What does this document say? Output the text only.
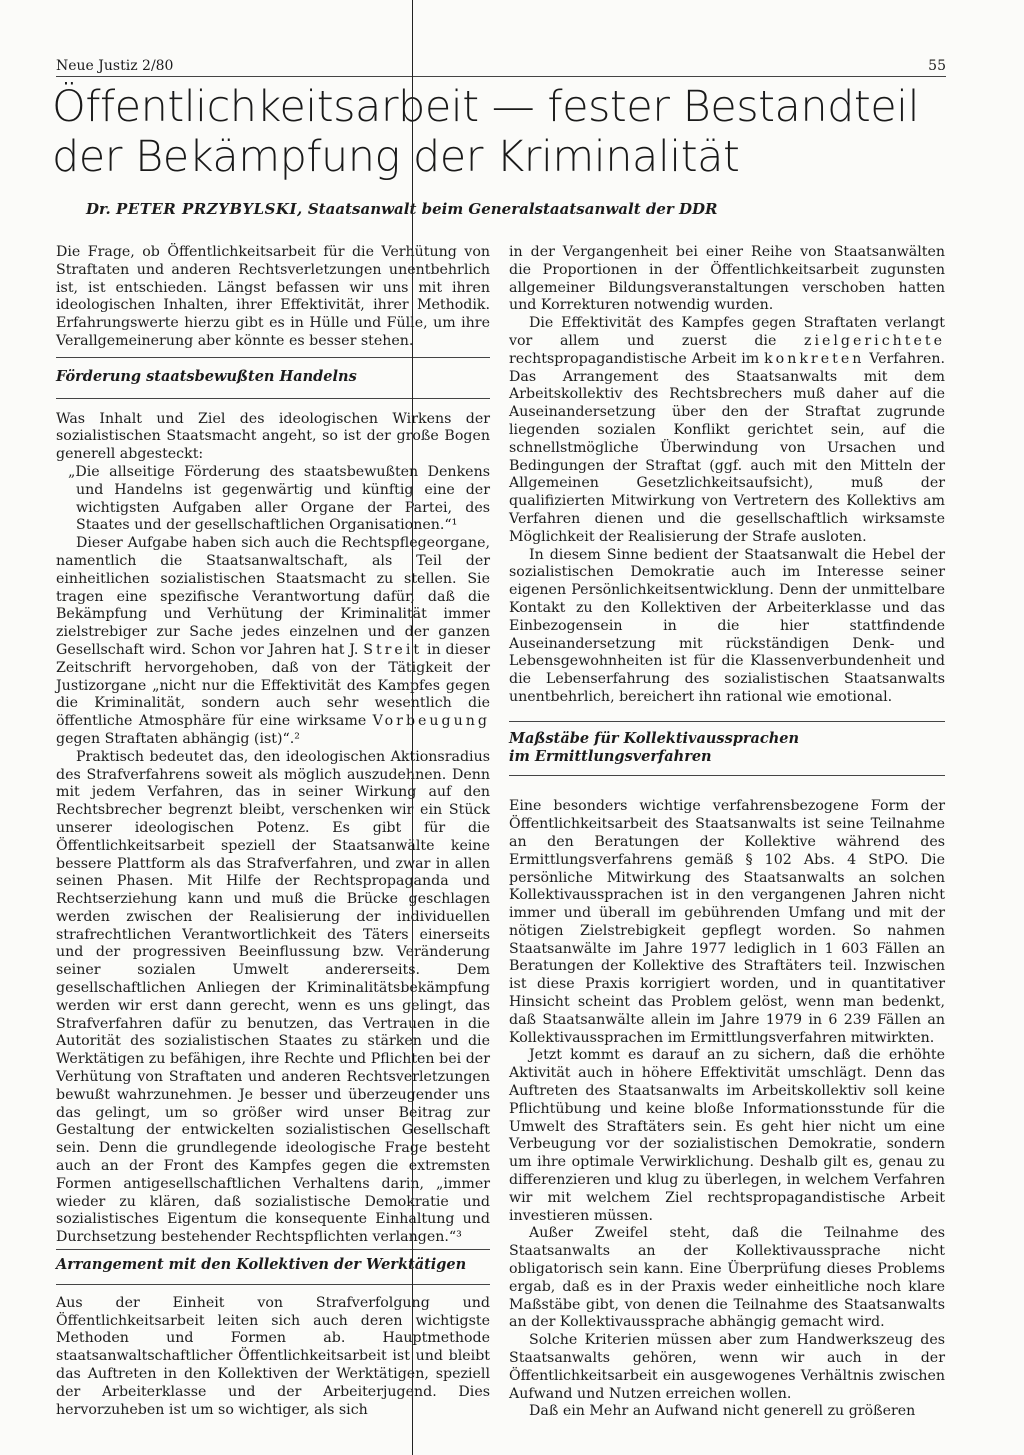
Neue Justiz 2/80	55
Öffentlichkeitsarbeit — fester Bestandteil
der Bekämpfung der Kriminalität
Dr. PETER PRZYBYLSKI, Staatsanwalt beim Generalstaatsanwalt der DDR

Die Frage, ob Öffentlichkeitsarbeit für die Verhütung von Straftaten und anderen Rechtsverletzungen unentbehrlich ist, ist entschieden. Längst befassen wir uns mit ihren ideologischen Inhalten, ihrer Effektivität, ihrer Methodik. Erfahrungswerte hierzu gibt es in Hülle und Fülle, um ihre Verallgemeinerung aber könnte es besser stehen.

Förderung staatsbewußten Handelns

Was Inhalt und Ziel des ideologischen Wirkens der sozialistischen Staatsmacht angeht, so ist der große Bogen generell abgesteckt:

„Die allseitige Förderung des staatsbewußten Denkens und Handelns ist gegenwärtig und künftig eine der wichtigsten Aufgaben aller Organe der Partei, des Staates und der gesellschaftlichen Organisationen.“¹

Dieser Aufgabe haben sich auch die Rechtspflegeorgane, namentlich die Staatsanwaltschaft, als Teil der einheitlichen sozialistischen Staatsmacht zu stellen. Sie tragen eine spezifische Verantwortung dafür, daß die Bekämpfung und Verhütung der Kriminalität immer zielstrebiger zur Sache jedes einzelnen und der ganzen Gesellschaft wird. Schon vor Jahren hat J. Streit in dieser Zeitschrift hervorgehoben, daß von der Tätigkeit der Justizorgane „nicht nur die Effektivität des Kampfes gegen die Kriminalität, sondern auch sehr wesentlich die öffentliche Atmosphäre für eine wirksame Vorbeugung gegen Straftaten abhängig (ist)“.²

Praktisch bedeutet das, den ideologischen Aktionsradius des Strafverfahrens soweit als möglich auszudehnen. Denn mit jedem Verfahren, das in seiner Wirkung auf den Rechtsbrecher begrenzt bleibt, verschenken wir ein Stück unserer ideologischen Potenz. Es gibt für die Öffentlichkeitsarbeit speziell der Staatsanwälte keine bessere Plattform als das Strafverfahren, und zwar in allen seinen Phasen. Mit Hilfe der Rechtspropaganda und Rechtserziehung kann und muß die Brücke geschlagen werden zwischen der Realisierung der individuellen strafrechtlichen Verantwortlichkeit des Täters einerseits und der progressiven Beeinflussung bzw. Veränderung seiner sozialen Umwelt andererseits. Dem gesellschaftlichen Anliegen der Kriminalitätsbekämpfung werden wir erst dann gerecht, wenn es uns gelingt, das Strafverfahren dafür zu benutzen, das Vertrauen in die Autorität des sozialistischen Staates zu stärken und die Werktätigen zu befähigen, ihre Rechte und Pflichten bei der Verhütung von Straftaten und anderen Rechtsverletzungen bewußt wahrzunehmen. Je besser und überzeugender uns das gelingt, um so größer wird unser Beitrag zur Gestaltung der entwickelten sozialistischen Gesellschaft sein. Denn die grundlegende ideologische Frage besteht auch an der Front des Kampfes gegen die extremsten Formen antigesellschaftlichen Verhaltens darin, „immer wieder zu klären, daß sozialistische Demokratie und sozialistisches Eigentum die konsequente Einhaltung und Durchsetzung bestehender Rechtspflichten verlangen.“³

Arrangement mit den Kollektiven der Werktätigen

Aus der Einheit von Strafverfolgung und Öffentlichkeitsarbeit leiten sich auch deren wichtigste Methoden und Formen ab. Hauptmethode staatsanwaltschaftlicher Öffentlichkeitsarbeit ist und bleibt das Auftreten in den Kollektiven der Werktätigen, speziell der Arbeiterklasse und der Arbeiterjugend. Dies hervorzuheben ist um so wichtiger, als sich

in der Vergangenheit bei einer Reihe von Staatsanwälten die Proportionen in der Öffentlichkeitsarbeit zugunsten allgemeiner Bildungsveranstaltungen verschoben hatten und Korrekturen notwendig wurden.

Die Effektivität des Kampfes gegen Straftaten verlangt vor allem und zuerst die zielgerichtete rechtspropagandistische Arbeit im konkreten Verfahren. Das Arrangement des Staatsanwalts mit dem Arbeitskollektiv des Rechtsbrechers muß daher auf die Auseinandersetzung über den der Straftat zugrunde liegenden sozialen Konflikt gerichtet sein, auf die schnellstmögliche Überwindung von Ursachen und Bedingungen der Straftat (ggf. auch mit den Mitteln der Allgemeinen Gesetzlichkeitsaufsicht), muß der qualifizierten Mitwirkung von Vertretern des Kollektivs am Verfahren dienen und die gesellschaftlich wirksamste Möglichkeit der Realisierung der Strafe ausloten.

In diesem Sinne bedient der Staatsanwalt die Hebel der sozialistischen Demokratie auch im Interesse seiner eigenen Persönlichkeitsentwicklung. Denn der unmittelbare Kontakt zu den Kollektiven der Arbeiterklasse und das Einbezogensein in die hier stattfindende Auseinandersetzung mit rückständigen Denk- und Lebensgewohnheiten ist für die Klassenverbundenheit und die Lebenserfahrung des sozialistischen Staatsanwalts unentbehrlich, bereichert ihn rational wie emotional.

Maßstäbe für Kollektivaussprachen
im Ermittlungsverfahren

Eine besonders wichtige verfahrensbezogene Form der Öffentlichkeitsarbeit des Staatsanwalts ist seine Teilnahme an den Beratungen der Kollektive während des Ermittlungsverfahrens gemäß § 102 Abs. 4 StPO. Die persönliche Mitwirkung des Staatsanwalts an solchen Kollektivaussprachen ist in den vergangenen Jahren nicht immer und überall im gebührenden Umfang und mit der nötigen Zielstrebigkeit gepflegt worden. So nahmen Staatsanwälte im Jahre 1977 lediglich in 1 603 Fällen an Beratungen der Kollektive des Straftäters teil. Inzwischen ist diese Praxis korrigiert worden, und in quantitativer Hinsicht scheint das Problem gelöst, wenn man bedenkt, daß Staatsanwälte allein im Jahre 1979 in 6 239 Fällen an Kollektivaussprachen im Ermittlungsverfahren mitwirkten.

Jetzt kommt es darauf an zu sichern, daß die erhöhte Aktivität auch in höhere Effektivität umschlägt. Denn das Auftreten des Staatsanwalts im Arbeitskollektiv soll keine Pflichtübung und keine bloße Informationsstunde für die Umwelt des Straftäters sein. Es geht hier nicht um eine Verbeugung vor der sozialistischen Demokratie, sondern um ihre optimale Verwirklichung. Deshalb gilt es, genau zu differenzieren und klug zu überlegen, in welchem Verfahren wir mit welchem Ziel rechtspropagandistische Arbeit investieren müssen.

Außer Zweifel steht, daß die Teilnahme des Staatsanwalts an der Kollektivaussprache nicht obligatorisch sein kann. Eine Überprüfung dieses Problems ergab, daß es in der Praxis weder einheitliche noch klare Maßstäbe gibt, von denen die Teilnahme des Staatsanwalts an der Kollektivaussprache abhängig gemacht wird.

Solche Kriterien müssen aber zum Handwerkszeug des Staatsanwalts gehören, wenn wir auch in der Öffentlichkeitsarbeit ein ausgewogenes Verhältnis zwischen Aufwand und Nutzen erreichen wollen.

Daß ein Mehr an Aufwand nicht generell zu größeren
